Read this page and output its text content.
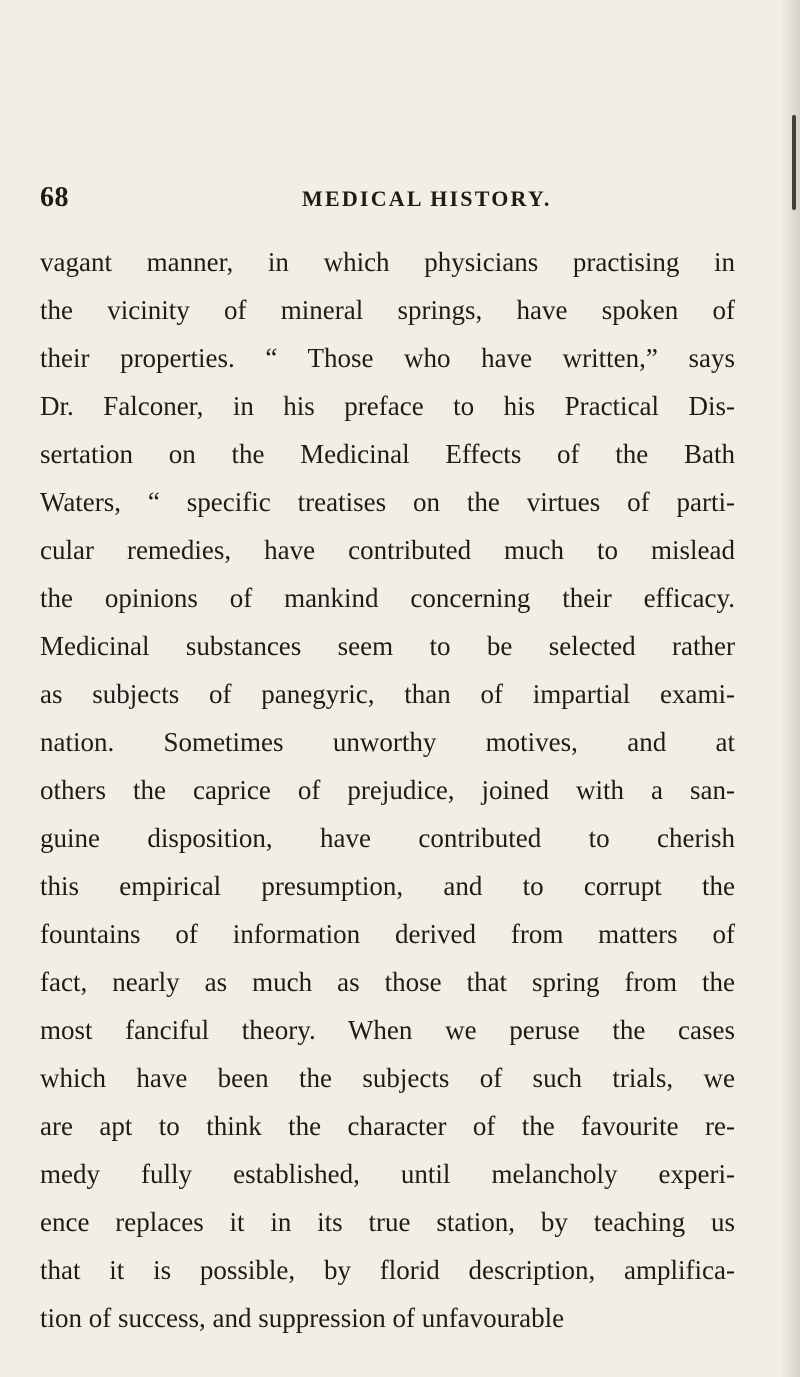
68	MEDICAL HISTORY.
vagant manner, in which physicians practising in
the vicinity of mineral springs, have spoken of
their properties. “ Those who have written,” says
Dr. Falconer, in his preface to his Practical Dis-
sertation on the Medicinal Effects of the Bath
Waters, “ specific treatises on the virtues of parti-
cular remedies, have contributed much to mislead
the opinions of mankind concerning their efficacy.
Medicinal substances seem to be selected rather
as subjects of panegyric, than of impartial exami-
nation. Sometimes unworthy motives, and at
others the caprice of prejudice, joined with a san-
guine disposition, have contributed to cherish
this empirical presumption, and to corrupt the
fountains of information derived from matters of
fact, nearly as much as those that spring from the
most fanciful theory. When we peruse the cases
which have been the subjects of such trials, we
are apt to think the character of the favourite re-
medy fully established, until melancholy experi-
ence replaces it in its true station, by teaching us
that it is possible, by florid description, amplifica-
tion of success, and suppression of unfavourable
